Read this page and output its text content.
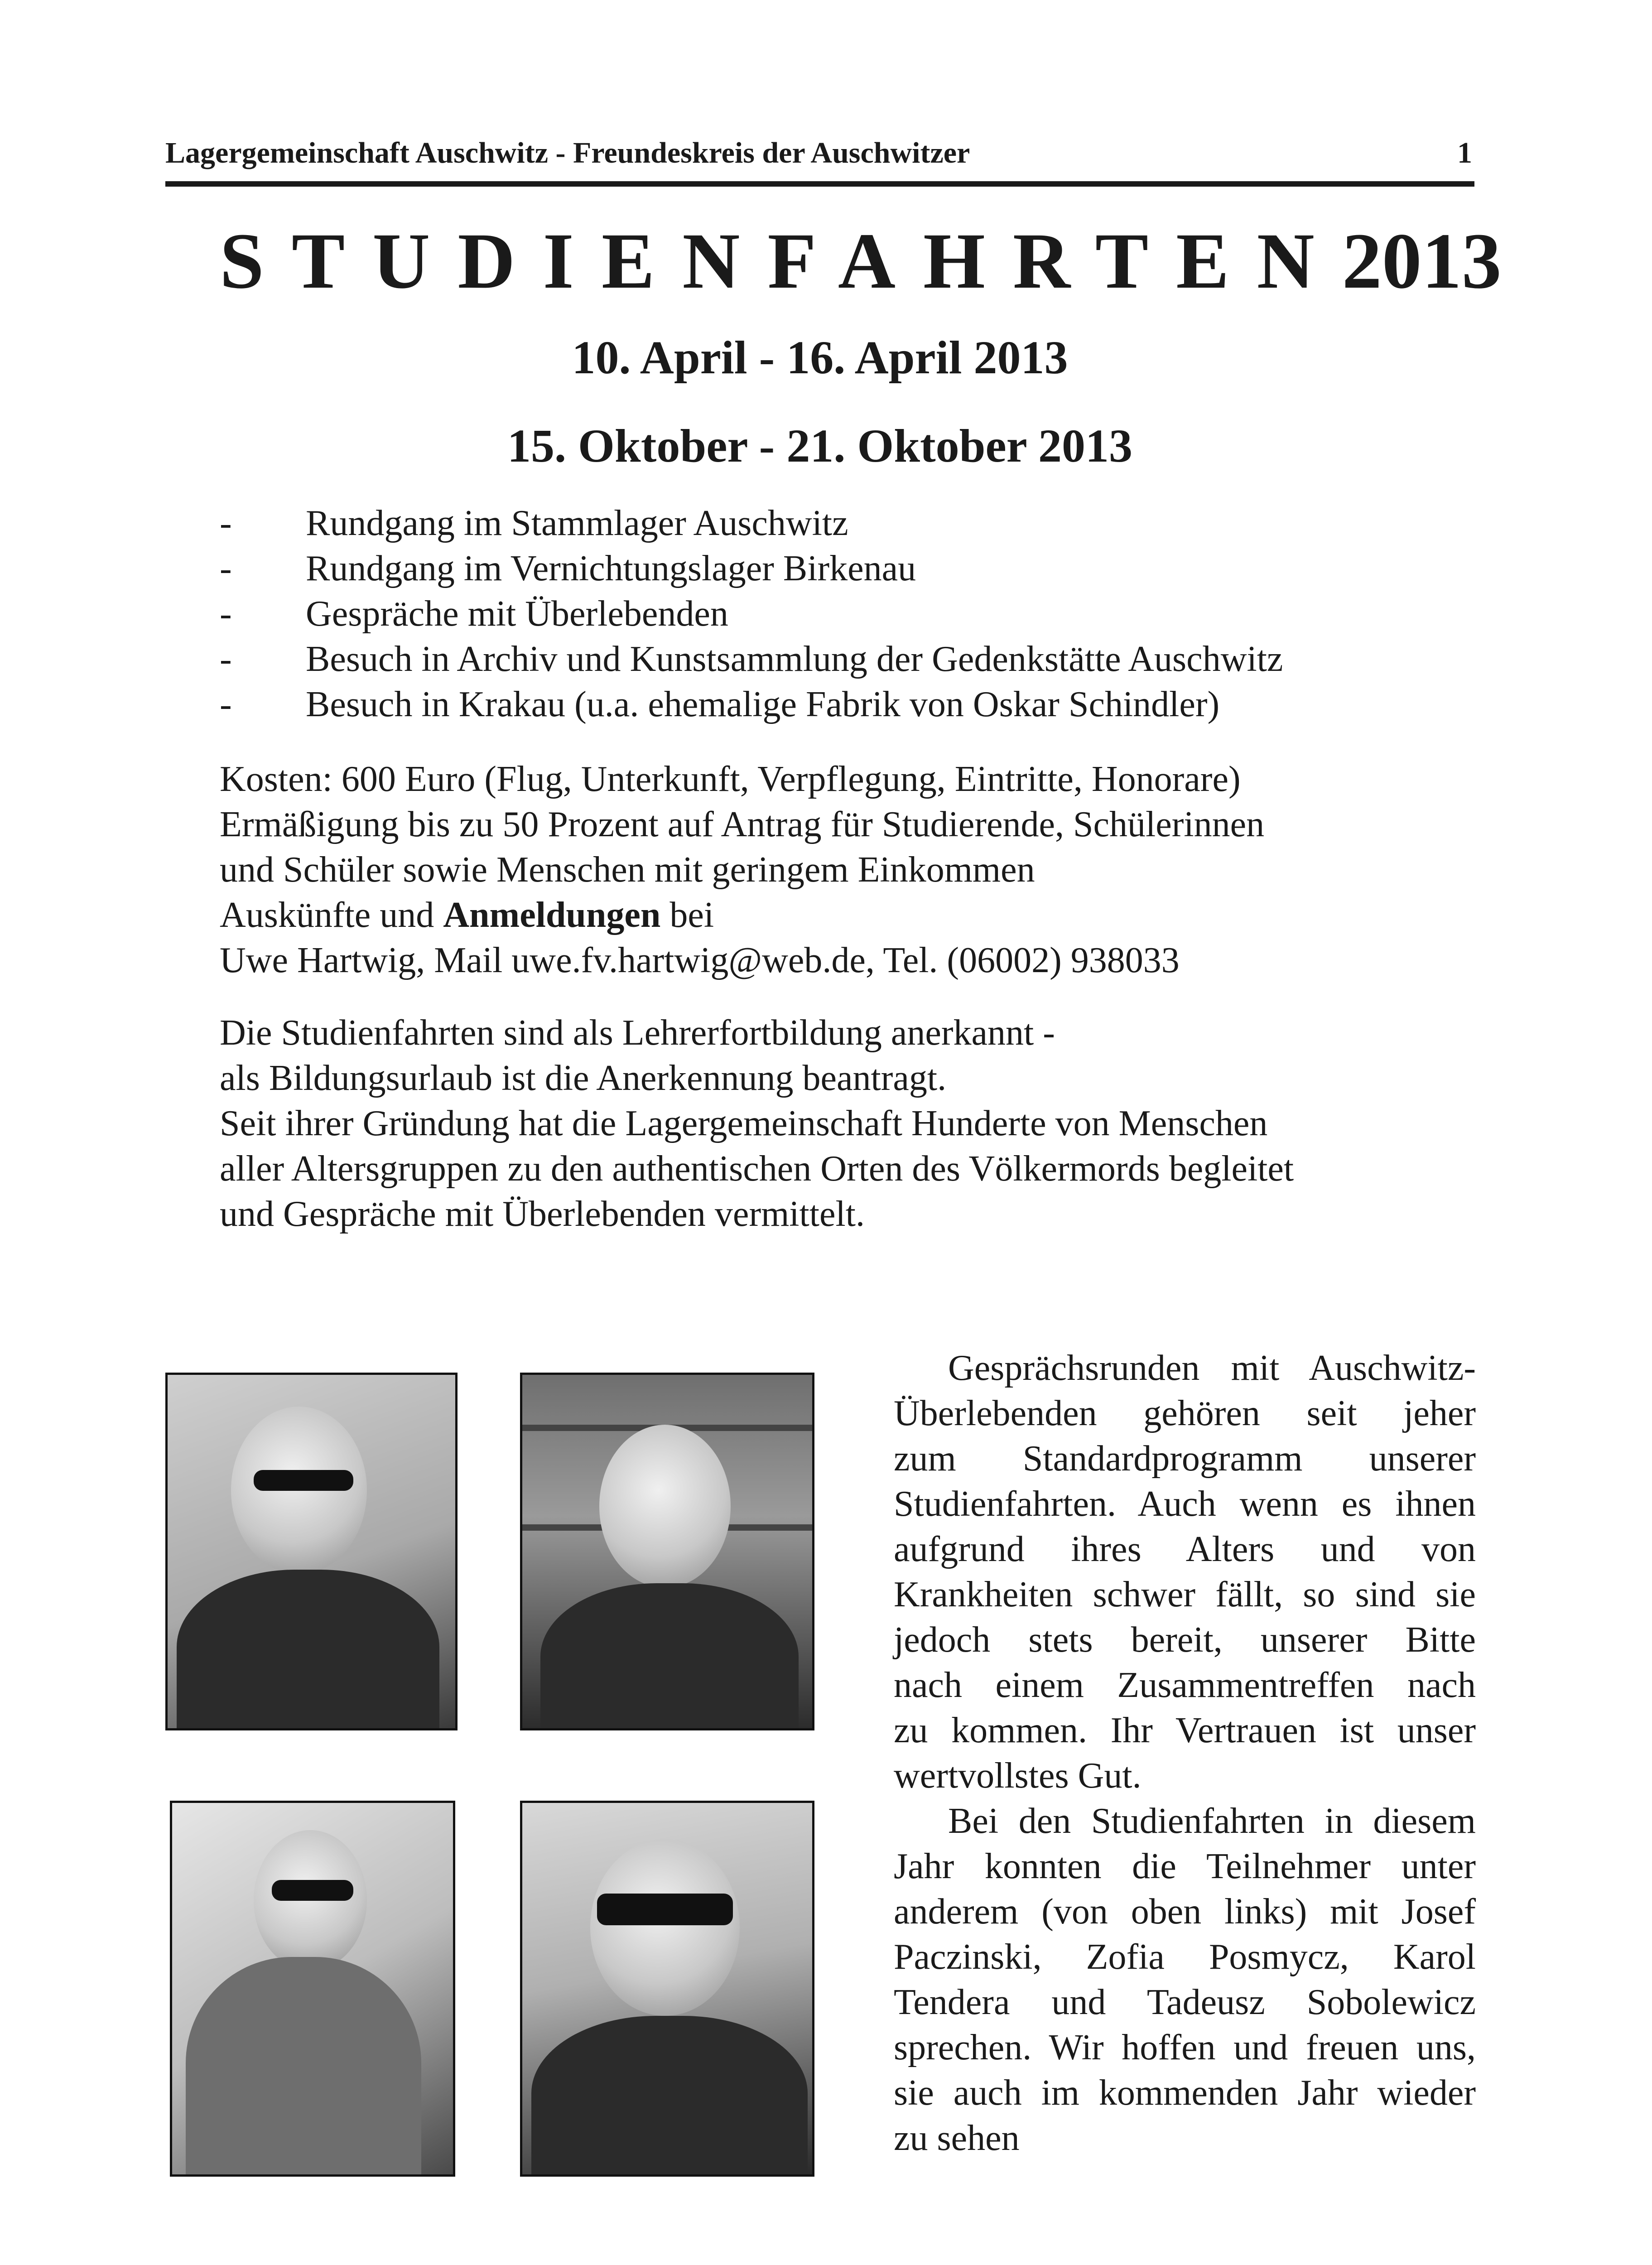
Lagergemeinschaft Auschwitz - Freundeskreis der Auschwitzer	1
STUDIENFAHRTEN 2013
10. April - 16. April 2013
15. Oktober - 21. Oktober 2013
-	Rundgang im Stammlager Auschwitz
-	Rundgang im Vernichtungslager Birkenau
-	Gespräche mit Überlebenden
-	Besuch in Archiv und Kunstsammlung der Gedenkstätte Auschwitz
-	Besuch in Krakau (u.a. ehemalige Fabrik von Oskar Schindler)
Kosten: 600 Euro (Flug, Unterkunft, Verpflegung, Eintritte, Honorare)
Ermäßigung bis zu 50 Prozent auf Antrag für Studierende, Schülerinnen
und Schüler sowie Menschen mit geringem Einkommen
Auskünfte und Anmeldungen bei
Uwe Hartwig, Mail uwe.fv.hartwig@web.de, Tel. (06002) 938033
Die Studienfahrten sind als Lehrerfortbildung anerkannt -
als Bildungsurlaub ist die Anerkennung beantragt.
Seit ihrer Gründung hat die Lagergemeinschaft Hunderte von Menschen
aller Altersgruppen zu den authentischen Orten des Völkermords begleitet
und Gespräche mit Überlebenden vermittelt.
Gesprächsrunden mit Auschwitz-
Überlebenden gehören seit jeher
zum Standardprogramm unserer
Studienfahrten. Auch wenn es ihnen
aufgrund ihres Alters und von
Krankheiten schwer fällt, so sind sie
jedoch stets bereit, unserer Bitte
nach einem Zusammentreffen nach
zu kommen. Ihr Vertrauen ist unser
wertvollstes Gut.
Bei den Studienfahrten in diesem
Jahr konnten die Teilnehmer unter
anderem (von oben links) mit Josef
Paczinski, Zofia Posmycz, Karol
Tendera und Tadeusz Sobolewicz
sprechen. Wir hoffen und freuen uns,
sie auch im kommenden Jahr wieder
zu sehen
